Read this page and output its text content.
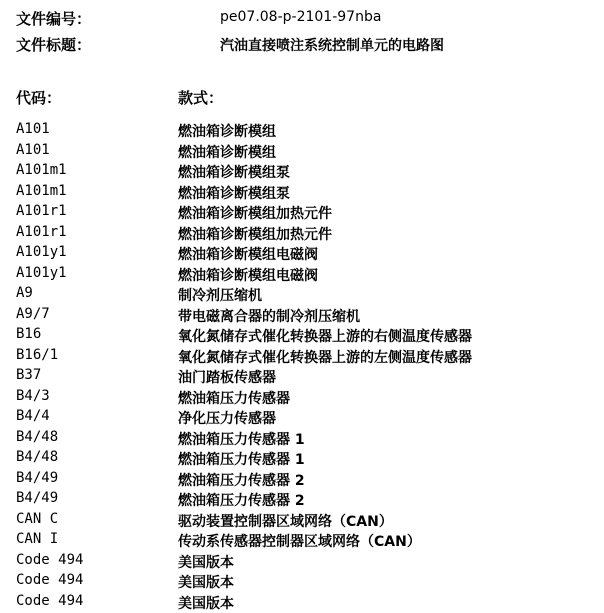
文件编号：	pe07.08-p-2101-97nba
文件标题：	汽油直接喷注系统控制单元的电路图
代码：	款式：
A101	燃油箱诊断模组
A101	燃油箱诊断模组
A101m1	燃油箱诊断模组泵
A101m1	燃油箱诊断模组泵
A101r1	燃油箱诊断模组加热元件
A101r1	燃油箱诊断模组加热元件
A101y1	燃油箱诊断模组电磁阀
A101y1	燃油箱诊断模组电磁阀
A9	制冷剂压缩机
A9/7	带电磁离合器的制冷剂压缩机
B16	氧化氮储存式催化转换器上游的右侧温度传感器
B16/1	氧化氮储存式催化转换器上游的左侧温度传感器
B37	油门踏板传感器
B4/3	燃油箱压力传感器
B4/4	净化压力传感器
B4/48	燃油箱压力传感器 1
B4/48	燃油箱压力传感器 1
B4/49	燃油箱压力传感器 2
B4/49	燃油箱压力传感器 2
CAN C	驱动装置控制器区域网络（CAN）
CAN I	传动系传感器控制器区域网络（CAN）
Code 494	美国版本
Code 494	美国版本
Code 494	美国版本
